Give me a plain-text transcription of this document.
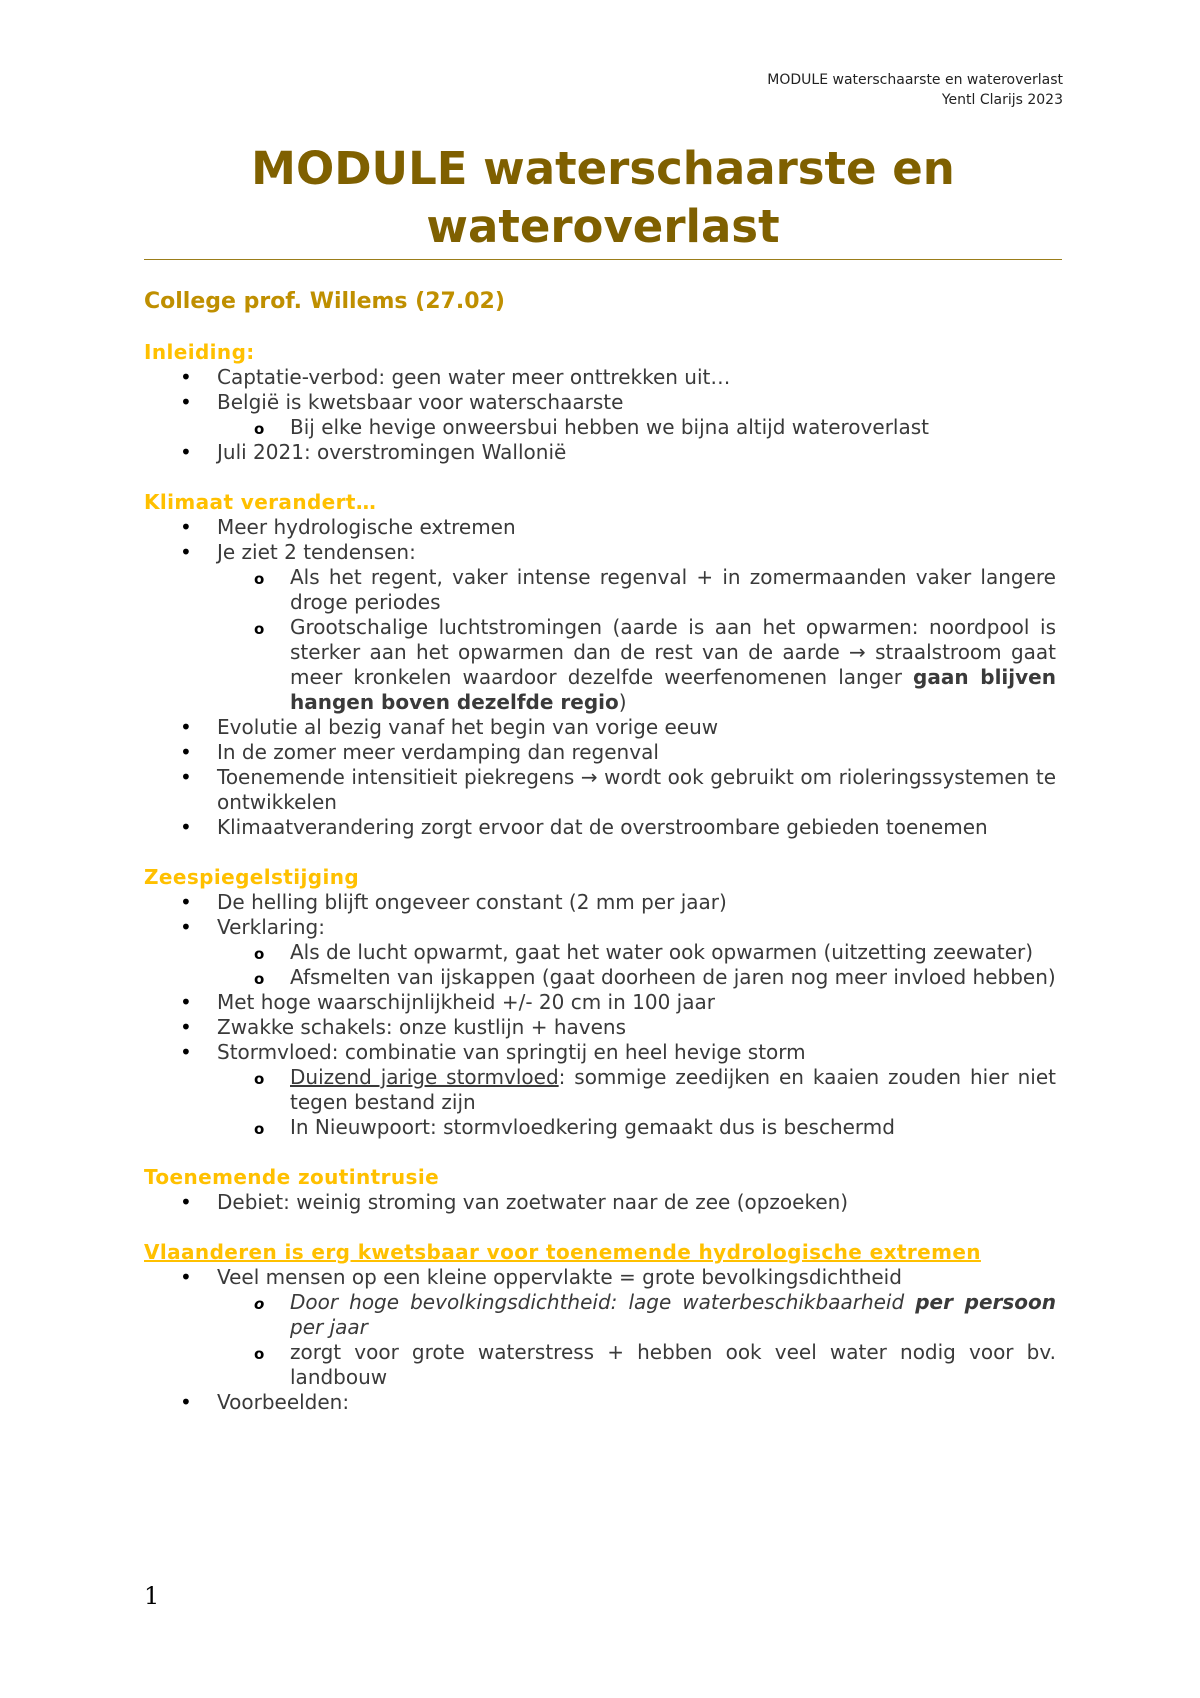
MODULE waterschaarste en wateroverlast
Yentl Clarijs 2023
MODULE waterschaarste en wateroverlast
College prof. Willems (27.02)
Inleiding:
• Captatie-verbod: geen water meer onttrekken uit…
• België is kwetsbaar voor waterschaarste
o Bij elke hevige onweersbui hebben we bijna altijd wateroverlast
• Juli 2021: overstromingen Wallonië
Klimaat verandert…
• Meer hydrologische extremen
• Je ziet 2 tendensen:
o Als het regent, vaker intense regenval + in zomermaanden vaker langere droge periodes
o Grootschalige luchtstromingen (aarde is aan het opwarmen: noordpool is sterker aan het opwarmen dan de rest van de aarde → straalstroom gaat meer kronkelen waardoor dezelfde weerfenomenen langer gaan blijven hangen boven dezelfde regio)
• Evolutie al bezig vanaf het begin van vorige eeuw
• In de zomer meer verdamping dan regenval
• Toenemende intensitieit piekregens → wordt ook gebruikt om rioleringssystemen te ontwikkelen
• Klimaatverandering zorgt ervoor dat de overstroombare gebieden toenemen
Zeespiegelstijging
• De helling blijft ongeveer constant (2 mm per jaar)
• Verklaring:
o Als de lucht opwarmt, gaat het water ook opwarmen (uitzetting zeewater)
o Afsmelten van ijskappen (gaat doorheen de jaren nog meer invloed hebben)
• Met hoge waarschijnlijkheid +/- 20 cm in 100 jaar
• Zwakke schakels: onze kustlijn + havens
• Stormvloed: combinatie van springtij en heel hevige storm
o Duizend jarige stormvloed: sommige zeedijken en kaaien zouden hier niet tegen bestand zijn
o In Nieuwpoort: stormvloedkering gemaakt dus is beschermd
Toenemende zoutintrusie
• Debiet: weinig stroming van zoetwater naar de zee (opzoeken)
Vlaanderen is erg kwetsbaar voor toenemende hydrologische extremen
• Veel mensen op een kleine oppervlakte = grote bevolkingsdichtheid
o Door hoge bevolkingsdichtheid: lage waterbeschikbaarheid per persoon per jaar
o zorgt voor grote waterstress + hebben ook veel water nodig voor bv. landbouw
• Voorbeelden:
1
